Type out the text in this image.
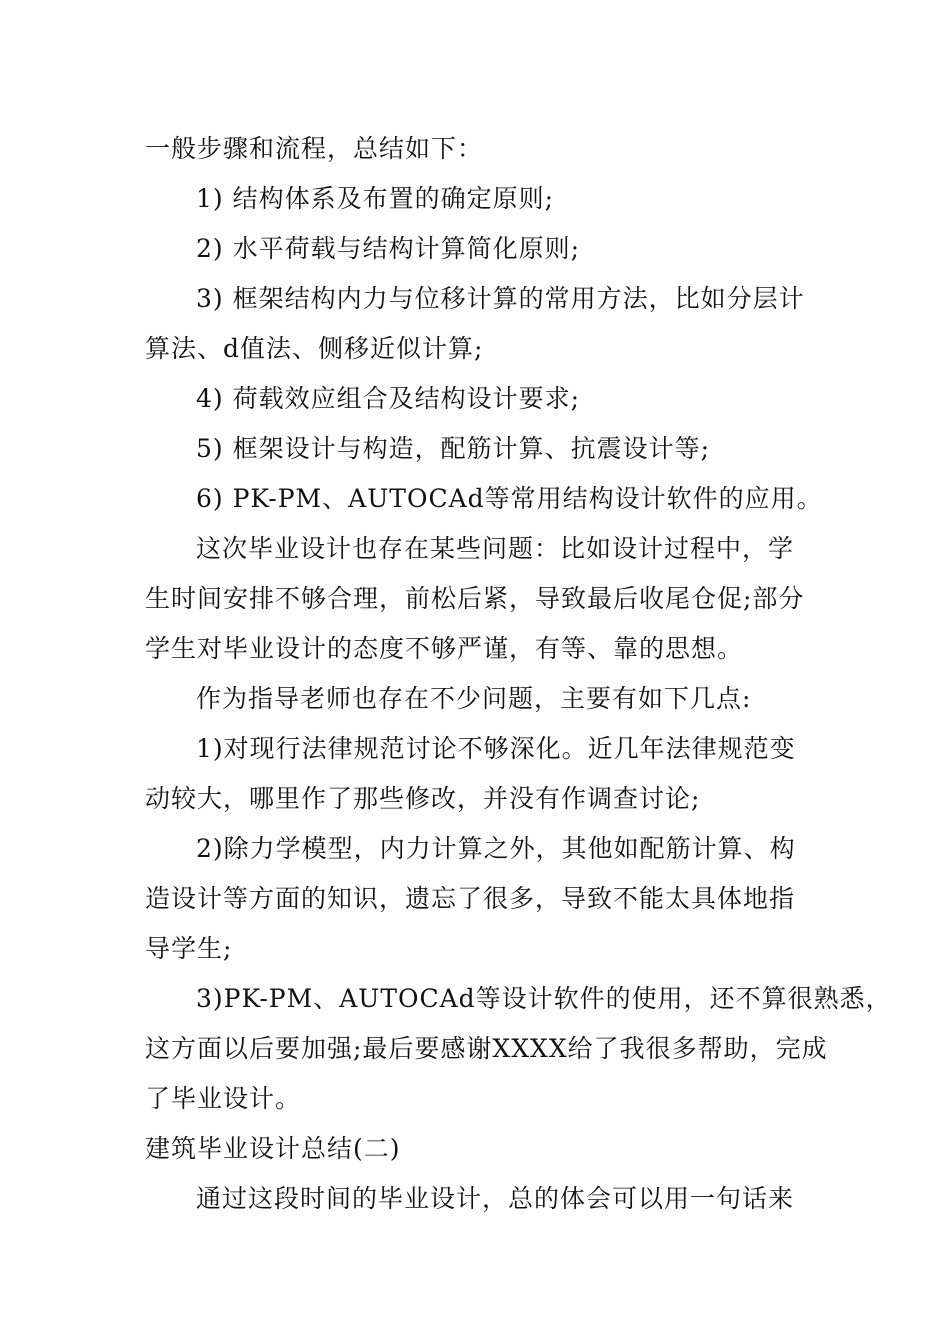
一般步骤和流程，总结如下：
1) 结构体系及布置的确定原则;
2) 水平荷载与结构计算简化原则;
3) 框架结构内力与位移计算的常用方法，比如分层计
算法、d值法、侧移近似计算;
4) 荷载效应组合及结构设计要求;
5) 框架设计与构造，配筋计算、抗震设计等;
6) PK-PM、AUTOCAd等常用结构设计软件的应用。
这次毕业设计也存在某些问题：比如设计过程中，学
生时间安排不够合理，前松后紧，导致最后收尾仓促;部分
学生对毕业设计的态度不够严谨，有等、靠的思想。
作为指导老师也存在不少问题，主要有如下几点:
1)对现行法律规范讨论不够深化。近几年法律规范变
动较大，哪里作了那些修改，并没有作调查讨论;
2)除力学模型，内力计算之外，其他如配筋计算、构
造设计等方面的知识，遗忘了很多，导致不能太具体地指
导学生;
3)PK-PM、AUTOCAd等设计软件的使用，还不算很熟悉，
这方面以后要加强;最后要感谢XXXX给了我很多帮助，完成
了毕业设计。
建筑毕业设计总结(二)
通过这段时间的毕业设计，总的体会可以用一句话来
